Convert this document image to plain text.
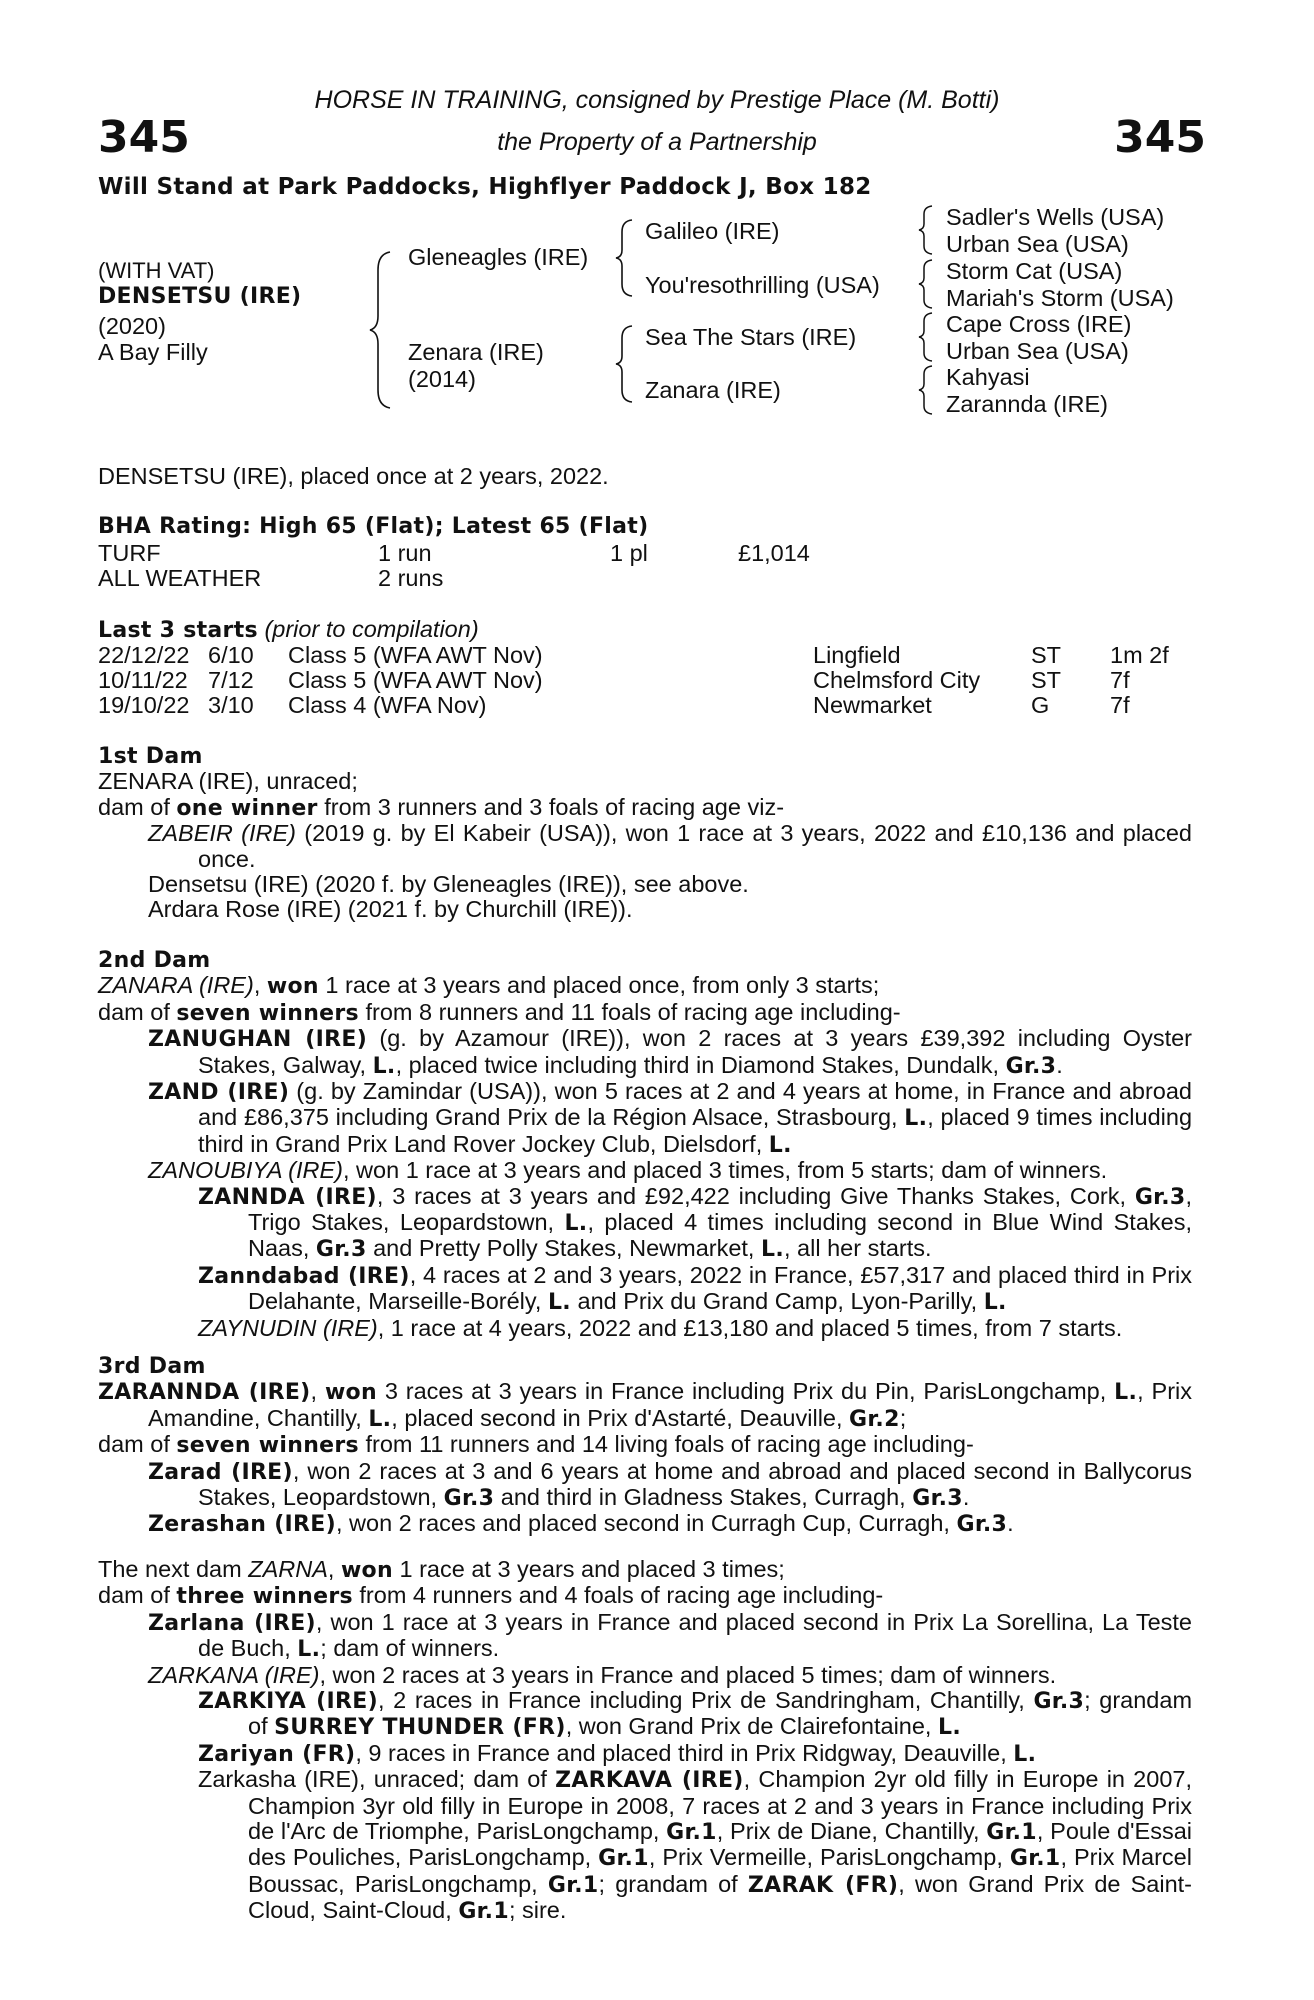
345	345
HORSE IN TRAINING, consigned by Prestige Place (M. Botti)
the Property of a Partnership
Will Stand at Park Paddocks, Highflyer Paddock J, Box 182
(WITH VAT)
DENSETSU (IRE)
(2020)
A Bay Filly
Gleneagles (IRE)
Zenara (IRE)
(2014)
Galileo (IRE)
You'resothrilling (USA)
Sea The Stars (IRE)
Zanara (IRE)
Sadler's Wells (USA)
Urban Sea (USA)
Storm Cat (USA)
Mariah's Storm (USA)
Cape Cross (IRE)
Urban Sea (USA)
Kahyasi
Zarannda (IRE)
DENSETSU (IRE), placed once at 2 years, 2022.
BHA Rating: High 65 (Flat); Latest 65 (Flat)
TURF	1 run	1 pl	£1,014
ALL WEATHER	2 runs
Last 3 starts (prior to compilation)
22/12/22 6/10 Class 5 (WFA AWT Nov)	Lingfield	ST 1m 2f
10/11/22 7/12 Class 5 (WFA AWT Nov)	Chelmsford City ST 7f
19/10/22 3/10 Class 4 (WFA Nov)	Newmarket	G	7f

1st Dam

ZENARA (IRE), unraced;

dam of one winner from 3 runners and 3 foals of racing age viz-

ZABEIR (IRE) (2019 g. by El Kabeir (USA)), won 1 race at 3 years, 2022 and £10,136 and placed once.

Densetsu (IRE) (2020 f. by Gleneagles (IRE)), see above.

Ardara Rose (IRE) (2021 f. by Churchill (IRE)).

2nd Dam

ZANARA (IRE), won 1 race at 3 years and placed once, from only 3 starts;

dam of seven winners from 8 runners and 11 foals of racing age including-

ZANUGHAN (IRE) (g. by Azamour (IRE)), won 2 races at 3 years £39,392 including Oyster Stakes, Galway, L., placed twice including third in Diamond Stakes, Dundalk, Gr.3.

ZAND (IRE) (g. by Zamindar (USA)), won 5 races at 2 and 4 years at home, in France and abroad and £86,375 including Grand Prix de la Région Alsace, Strasbourg, L., placed 9 times including third in Grand Prix Land Rover Jockey Club, Dielsdorf, L.

ZANOUBIYA (IRE), won 1 race at 3 years and placed 3 times, from 5 starts; dam of winners.

ZANNDA (IRE), 3 races at 3 years and £92,422 including Give Thanks Stakes, Cork, Gr.3, Trigo Stakes, Leopardstown, L., placed 4 times including second in Blue Wind Stakes, Naas, Gr.3 and Pretty Polly Stakes, Newmarket, L., all her starts.

Zanndabad (IRE), 4 races at 2 and 3 years, 2022 in France, £57,317 and placed third in Prix Delahante, Marseille-Borély, L. and Prix du Grand Camp, Lyon-Parilly, L.

ZAYNUDIN (IRE), 1 race at 4 years, 2022 and £13,180 and placed 5 times, from 7 starts.

3rd Dam

ZARANNDA (IRE), won 3 races at 3 years in France including Prix du Pin, ParisLongchamp, L., Prix Amandine, Chantilly, L., placed second in Prix d'Astarté, Deauville, Gr.2;

dam of seven winners from 11 runners and 14 living foals of racing age including-

Zarad (IRE), won 2 races at 3 and 6 years at home and abroad and placed second in Ballycorus Stakes, Leopardstown, Gr.3 and third in Gladness Stakes, Curragh, Gr.3.

Zerashan (IRE), won 2 races and placed second in Curragh Cup, Curragh, Gr.3.

The next dam ZARNA, won 1 race at 3 years and placed 3 times;

dam of three winners from 4 runners and 4 foals of racing age including-

Zarlana (IRE), won 1 race at 3 years in France and placed second in Prix La Sorellina, La Teste de Buch, L.; dam of winners.

ZARKANA (IRE), won 2 races at 3 years in France and placed 5 times; dam of winners.

ZARKIYA (IRE), 2 races in France including Prix de Sandringham, Chantilly, Gr.3; grandam of SURREY THUNDER (FR), won Grand Prix de Clairefontaine, L.

Zariyan (FR), 9 races in France and placed third in Prix Ridgway, Deauville, L.

Zarkasha (IRE), unraced; dam of ZARKAVA (IRE), Champion 2yr old filly in Europe in 2007, Champion 3yr old filly in Europe in 2008, 7 races at 2 and 3 years in France including Prix de l'Arc de Triomphe, ParisLongchamp, Gr.1, Prix de Diane, Chantilly, Gr.1, Poule d'Essai des Pouliches, ParisLongchamp, Gr.1, Prix Vermeille, ParisLongchamp, Gr.1, Prix Marcel Boussac, ParisLongchamp, Gr.1; grandam of ZARAK (FR), won Grand Prix de Saint-Cloud, Saint-Cloud, Gr.1; sire.
